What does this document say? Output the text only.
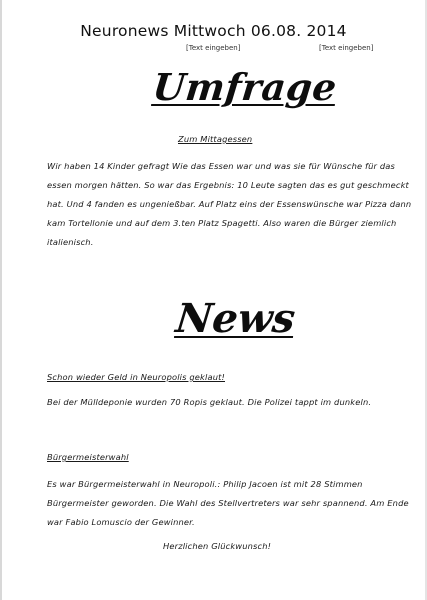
Neuronews Mittwoch 06.08. 2014
[Text eingeben]	[Text eingeben]
Umfrage
Zum Mittagessen
Wir haben 14 Kinder gefragt Wie das Essen war und was sie für Wünsche für das
essen morgen hätten. So war das Ergebnis: 10 Leute sagten das es gut geschmeckt
hat. Und 4 fanden es ungenießbar. Auf Platz eins der Essenswünsche war Pizza dann
kam Tortellonie und auf dem 3.ten Platz Spagetti. Also waren die Bürger ziemlich
italienisch.
News
Schon wieder Geld in Neuropolis geklaut!
Bei der Mülldeponie wurden 70 Ropis geklaut. Die Polizei tappt im dunkeln.
Bürgermeisterwahl
Es war Bürgermeisterwahl in Neuropoli.: Philip Jacoen ist mit 28 Stimmen
Bürgermeister geworden. Die Wahl des Stellvertreters war sehr spannend. Am Ende
war Fabio Lomuscio der Gewinner.
Herzlichen Glückwunsch!
